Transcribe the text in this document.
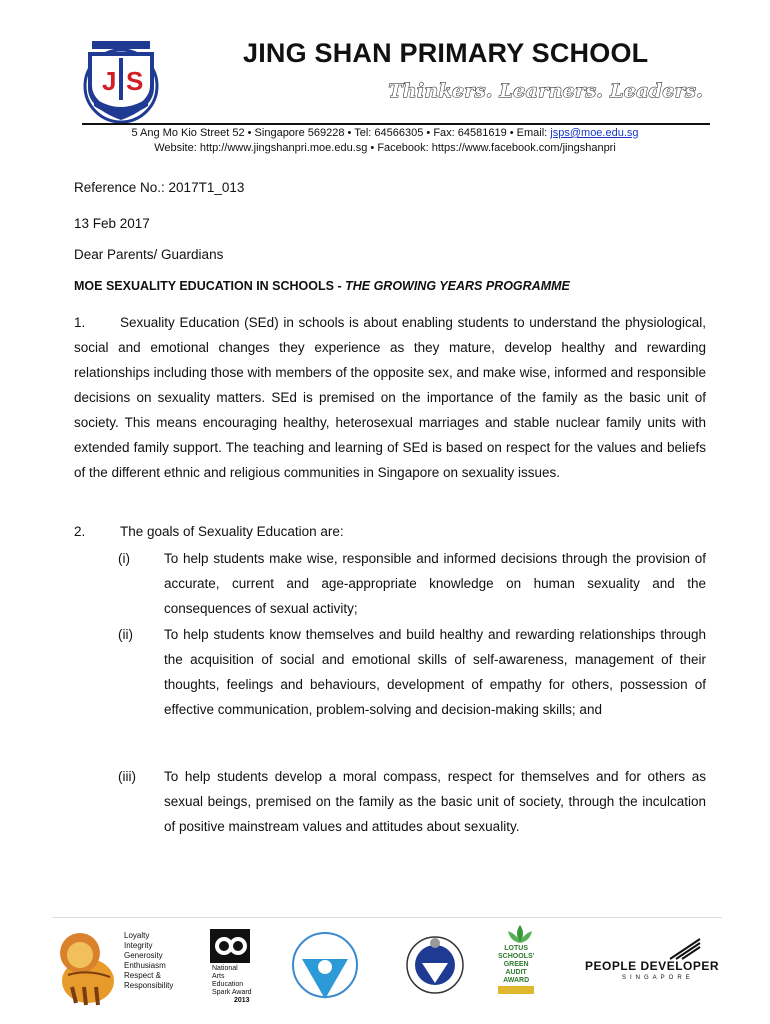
J S
JING SHAN PRIMARY SCHOOL
Thinkers. Learners. Leaders.
5 Ang Mo Kio Street 52 • Singapore 569228 • Tel: 64566305 • Fax: 64581619 • Email: jsps@moe.edu.sg
Website: http://www.jingshanpri.moe.edu.sg • Facebook: https://www.facebook.com/jingshanpri
Reference No.: 2017T1_013
13 Feb 2017
Dear Parents/ Guardians
MOE SEXUALITY EDUCATION IN SCHOOLS - THE GROWING YEARS PROGRAMME
1.	Sexuality Education (SEd) in schools is about enabling students to understand the physiological, social and emotional changes they experience as they mature, develop healthy and rewarding relationships including those with members of the opposite sex, and make wise, informed and responsible decisions on sexuality matters. SEd is premised on the importance of the family as the basic unit of society. This means encouraging healthy, heterosexual marriages and stable nuclear family units with extended family support. The teaching and learning of SEd is based on respect for the values and beliefs of the different ethnic and religious communities in Singapore on sexuality issues.
2.	The goals of Sexuality Education are:
(i)	To help students make wise, responsible and informed decisions through the provision of accurate, current and age-appropriate knowledge on human sexuality and the consequences of sexual activity;
(ii)	To help students know themselves and build healthy and rewarding relationships through the acquisition of social and emotional skills of self-awareness, management of their thoughts, feelings and behaviours, development of empathy for others, possession of effective communication, problem-solving and decision-making skills; and
(iii)	To help students develop a moral compass, respect for themselves and for others as sexual beings, premised on the family as the basic unit of society, through the inculcation of positive mainstream values and attitudes about sexuality.
Loyalty
Integrity
Generosity
Enthusiasm
Respect &
Responsibility
National
Arts
Education
Spark Award
2013
LOTUS
SCHOOLS'
GREEN
AUDIT
AWARD
PEOPLE DEVELOPER
SINGAPORE
